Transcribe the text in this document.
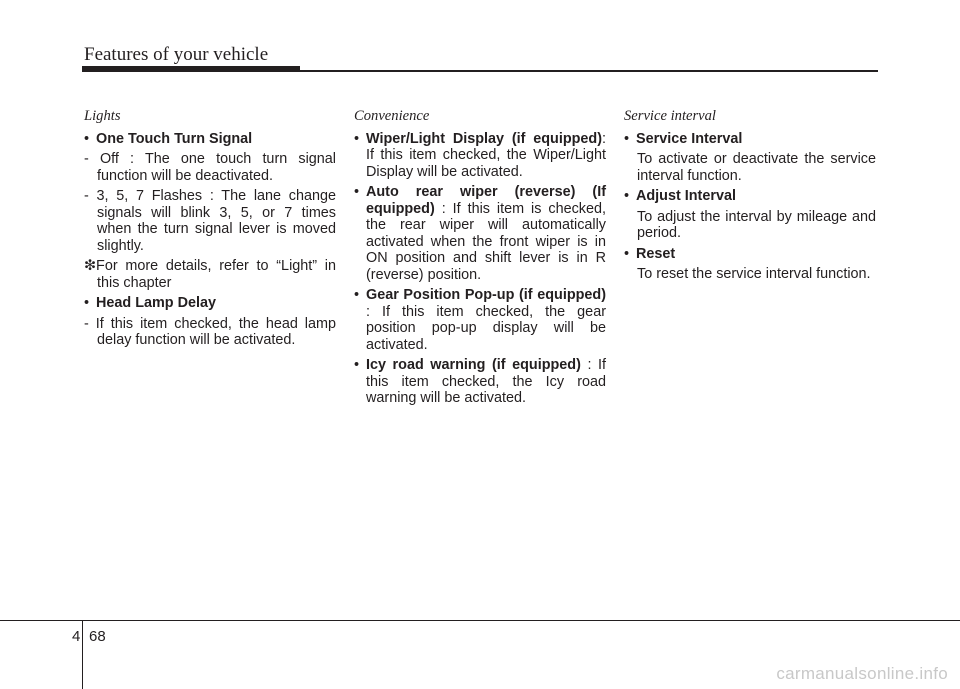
Features of your vehicle
Lights
• One Touch Turn Signal
- Off : The one touch turn signal function will be deactivated.
- 3, 5, 7 Flashes : The lane change signals will blink 3, 5, or 7 times when the turn signal lever is moved slightly.
❇For more details, refer to “Light” in this chapter
• Head Lamp Delay
- If this item checked, the head lamp delay function will be activated.
Convenience
• Wiper/Light Display (if equipped): If this item checked, the Wiper/Light Display will be activated.
• Auto rear wiper (reverse) (If equipped) : If this item is checked, the rear wiper will automatically activated when the front wiper is in ON position and shift lever is in R (reverse) position.
• Gear Position Pop-up (if equipped) : If this item checked, the gear position pop-up display will be activated.
• Icy road warning (if equipped) : If this item checked, the Icy road warning will be activated.
Service interval
• Service Interval
To activate or deactivate the service interval function.
• Adjust Interval
To adjust the interval by mileage and period.
• Reset
To reset the service interval function.
4 68
carmanualsonline.info
